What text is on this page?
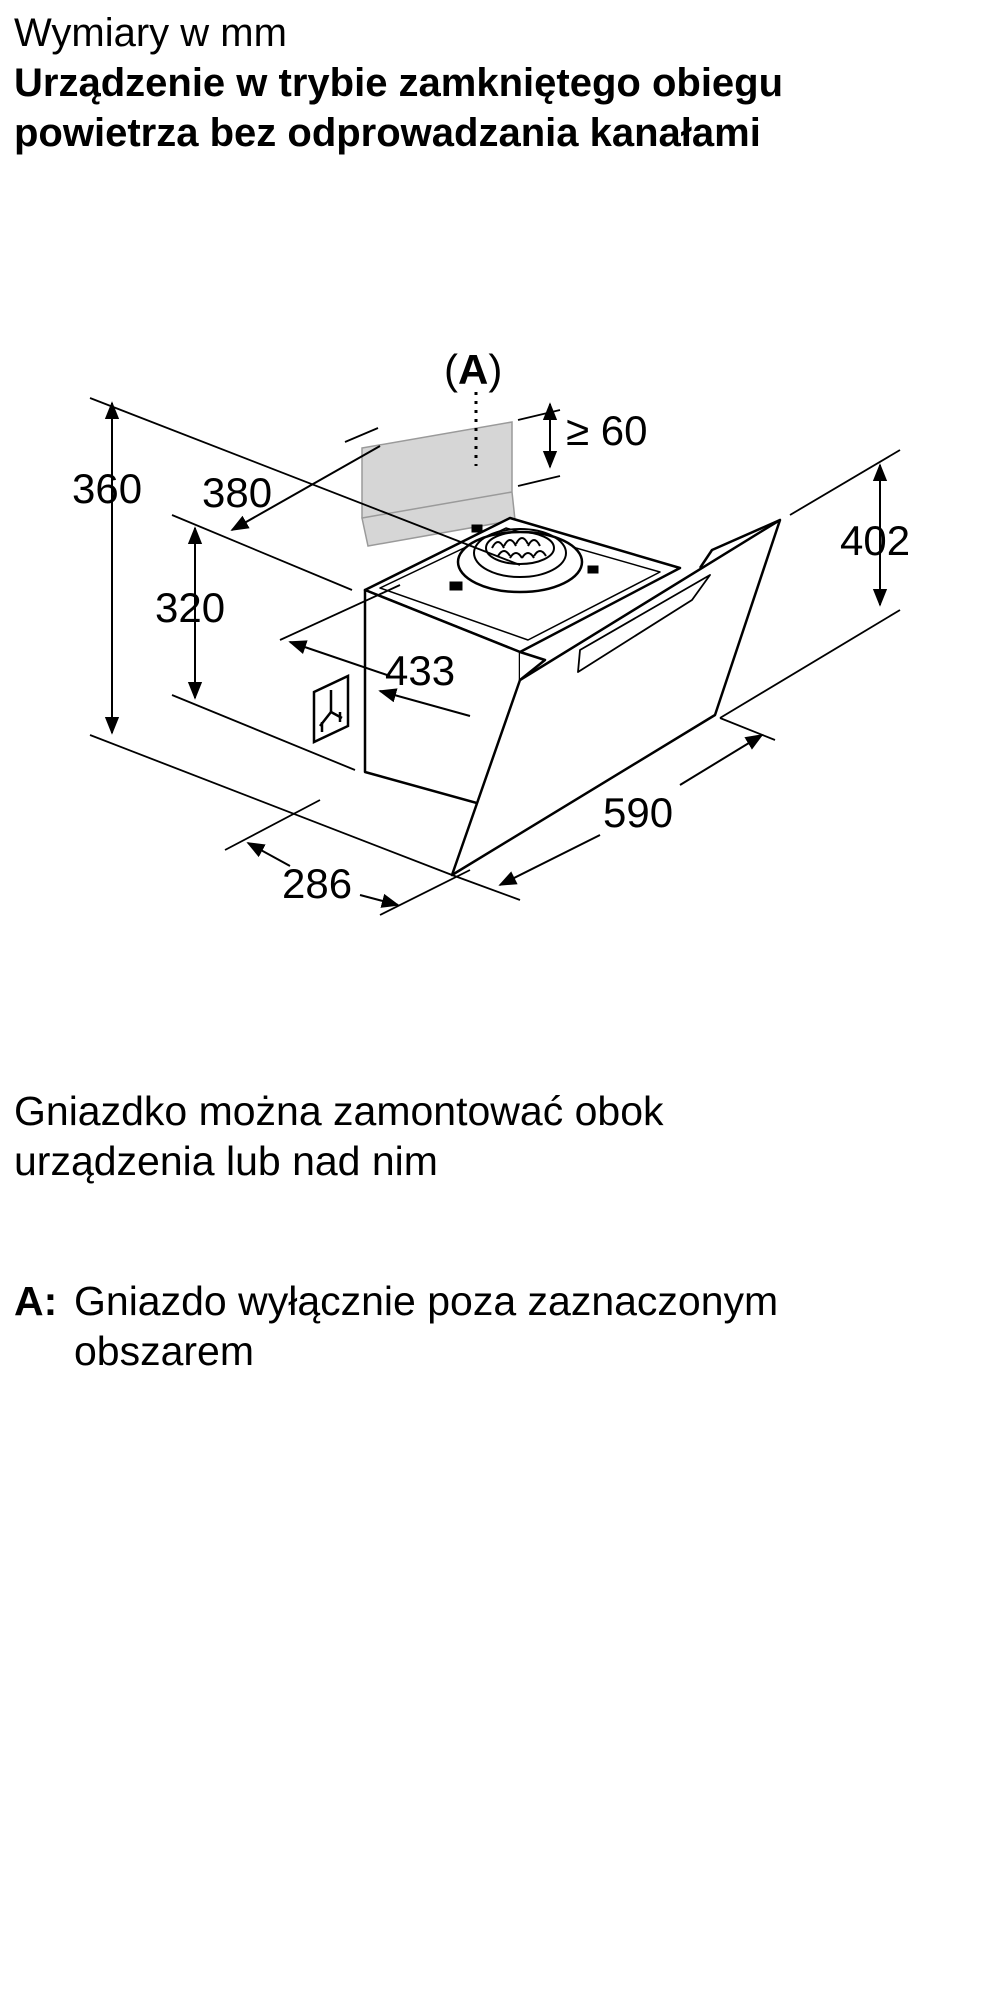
Wymiary w mm
Urządzenie w trybie zamkniętego obiegu
powietrza bez odprowadzania kanałami
(A)
≥ 60
360 380
320
402
433
590
286
Gniazdko można zamontować obok
urządzenia lub nad nim
A: Gniazdo wyłącznie poza zaznaczonym
obszarem
